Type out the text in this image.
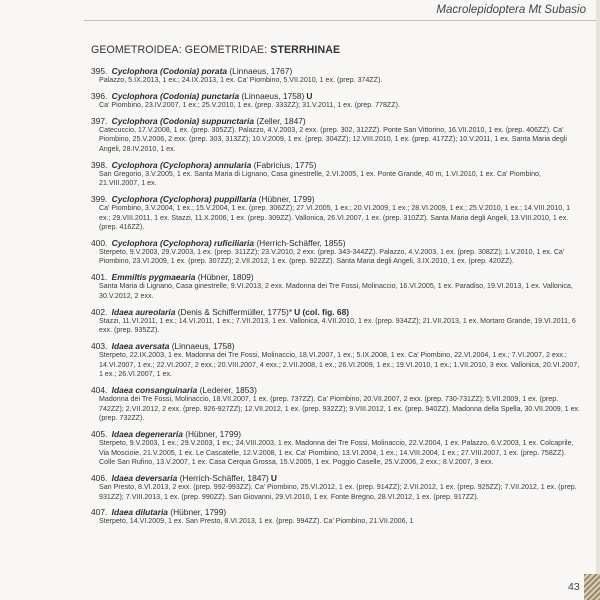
Macrolepidoptera Mt Subasio
GEOMETROIDEA: GEOMETRIDAE: STERRHINAE
395. Cyclophora (Codonia) porata (Linnaeus, 1767)
Palazzo, 5.IX.2013, 1 ex.; 24.IX.2013, 1 ex. Ca' Piombino, 5.VII.2010, 1 ex. (prep. 374ZZ).
396. Cyclophora (Codonia) punctaria (Linnaeus, 1758) U
Ca' Piombino, 23.IV.2007, 1 ex.; 25.V.2010, 1 ex. (prep. 333ZZ); 31.V.2011, 1 ex. (prep. 778ZZ).
397. Cyclophora (Codonia) suppunctaria (Zeller, 1847)
Catecuccio, 17.V.2008, 1 ex. (prep. 305ZZ). Palazzo, 4.V.2003, 2 exx. (prep. 302, 312ZZ). Ponte San Vittorino, 16.VII.2010, 1 ex. (prep. 406ZZ). Ca' Piombino, 25.V.2006, 2 exx. (prep. 303, 313ZZ); 10.V.2009, 1 ex. (prep. 304ZZ); 12.VIII.2010, 1 ex. (prep. 417ZZ); 10.V.2011, 1 ex. Santa Maria degli Angeli, 28.IV.2010, 1 ex.
398. Cyclophora (Cyclophora) annularia (Fabricius, 1775)
San Gregorio, 3.V.2005, 1 ex. Santa Maria di Lignano, Casa ginestrelle, 2.VI.2005, 1 ex. Ponte Grande, 40 m, 1.VI.2010, 1 ex. Ca' Piombino, 21.VIII.2007, 1 ex.
399. Cyclophora (Cyclophora) puppillaria (Hübner, 1799)
Ca' Piombino, 3.V.2004, 1 ex.; 15.V.2004, 1 ex. (prep. 306ZZ); 27.VI.2005, 1 ex.; 20.VI.2009, 1 ex.; 28.VI.2009, 1 ex.; 25.V.2010, 1 ex.; 14.VIII.2010, 1 ex.; 29.VIII.2011, 1 ex. Stazzi, 11.X.2006, 1 ex. (prep. 309ZZ). Vallonica, 26.VI.2007, 1 ex. (prep. 310ZZ). Santa Maria degli Angeli, 13.VIII.2010, 1 ex. (prep. 416ZZ).
400. Cyclophora (Cyclophora) ruficiliaria (Herrich-Schäffer, 1855)
Sterpeto, 9.V.2003, 29.V.2003, 1 ex. (prep. 311ZZ); 23.V.2010, 2 exx. (prep. 343-344ZZ). Palazzo, 4.V.2003, 1 ex. (prep. 308ZZ); 1.V.2010, 1 ex. Ca' Piombino, 23.VI.2009, 1 ex. (prep. 307ZZ); 2.VII.2012, 1 ex. (prep. 922ZZ). Santa Maria degli Angeli, 3.IX.2010, 1 ex. (prep. 420ZZ).
401. Emmiltis pygmaearia (Hübner, 1809)
Santa Maria di Lignano, Casa ginestrelle, 9.VI.2013, 2 exx. Madonna dei Tre Fossi, Molinaccio, 16.VI.2005, 1 ex. Paradiso, 19.VI.2013, 1 ex. Vallonica, 30.V.2012, 2 exx.
402. Idaea aureolaria (Denis & Schiffermüller, 1775)* U (col. fig. 68)
Stazzi, 11.VI.2011, 1 ex.; 14.VI.2011, 1 ex.; 7.VII.2013, 1 ex. Vallonica, 4.VII.2010, 1 ex. (prep. 934ZZ); 21.VII.2013, 1 ex. Mortaro Grande, 19.VI.2011, 6 exx. (prep. 935ZZ).
403. Idaea aversata (Linnaeus, 1758)
Sterpeto, 22.IX.2003, 1 ex. Madonna dei Tre Fossi, Molinaccio, 18.VI.2007, 1 ex.; 5.IX.2008, 1 ex. Ca' Piombino, 22.VI.2004, 1 ex.; 7.VI.2007, 2 exx.; 14.VI.2007, 1 ex.; 22.VI.2007, 2 exx.; 20.VIII.2007, 4 exx.; 2.VII.2008, 1 ex.; 26.VI.2009, 1 ex.; 19.VI.2010, 1 ex.; 1.VII.2010, 3 exx. Vallonica, 20.VI.2007, 1 ex.; 26.VI.2007, 1 ex.
404. Idaea consanguinaria (Lederer, 1853)
Madonna dei Tre Fossi, Molinaccio, 18.VII.2007, 1 ex. (prep. 737ZZ). Ca' Piombino, 20.VII.2007, 2 exx. (prep. 730-731ZZ); 5.VII.2009, 1 ex. (prep. 742ZZ); 2.VII.2012, 2 exx. (prep. 926-927ZZ); 12.VII.2012, 1 ex. (prep. 932ZZ); 9.VIII.2012, 1 ex. (prep. 940ZZ). Madonna della Spella, 30.VII.2009, 1 ex. (prep. 732ZZ).
405. Idaea degeneraria (Hübner, 1799)
Sterpeto, 9.V.2003, 1 ex.; 29.V.2003, 1 ex.; 24.VIII.2003, 1 ex. Madonna dei Tre Fossi, Molinaccio, 22.V.2004, 1 ex. Palazzo, 6.V.2003, 1 ex. Colcaprile, Via Moscioie, 21.V.2005, 1 ex. Le Cascatelle, 12.V.2008, 1 ex. Ca' Piombino, 13.VI.2004, 1 ex.; 14.VIII.2004, 1 ex.; 27.VIII.2007, 1 ex. (prep. 758ZZ). Colle San Rufino, 13.V.2007, 1 ex. Casa Cerqua Grossa, 15.V.2005, 1 ex. Poggio Caselle, 25.V.2006, 2 exx.; 8.V.2007, 3 exx.
406. Idaea deversaria (Herrich-Schäffer, 1847) U
San Presto, 8.VI.2013, 2 exx. (prep. 992-993ZZ). Ca' Piombino, 25.VI.2012, 1 ex. (prep. 914ZZ); 2.VII.2012, 1 ex. (prep. 925ZZ); 7.VII.2012, 1 ex. (prep. 931ZZ); 7.VIII.2013, 1 ex. (prep. 990ZZ). San Giovanni, 29.VI.2010, 1 ex. Fonte Bregno, 28.VI.2012, 1 ex. (prep. 917ZZ).
407. Idaea dilutaria (Hübner, 1799)
Sterpeto, 14.VI.2009, 1 ex. San Presto, 8.VI.2013, 1 ex. (prep. 994ZZ). Ca' Piombino, 21.VII.2006, 1
43
